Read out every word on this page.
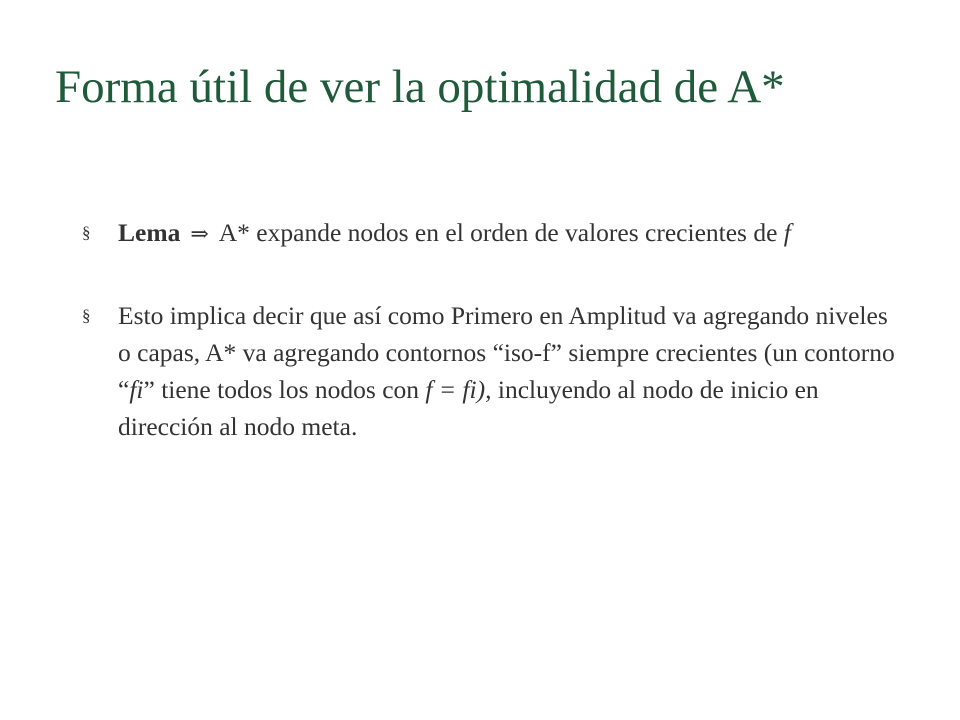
Forma útil de ver la optimalidad de A*
§	Lema ⇒ A* expande nodos en el orden de valores crecientes de f
§	Esto implica decir que así como Primero en Amplitud va agregando niveles o capas, A* va agregando contornos “iso-f” siempre crecientes (un contorno “fi” tiene todos los nodos con f = fi), incluyendo al nodo de inicio en dirección al nodo meta.
